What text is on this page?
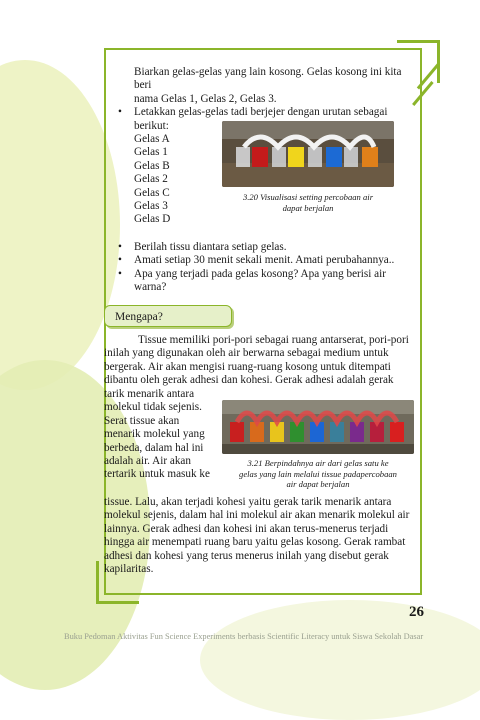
Biarkan gelas-gelas yang lain kosong. Gelas kosong ini kita beri

nama Gelas 1, Gelas 2, Gelas 3.

• Letakkan gelas-gelas tadi berjejer dengan urutan sebagai
berikut:
Gelas A
Gelas 1
Gelas B
Gelas 2
Gelas C
Gelas 3
Gelas D
• Berilah tissu diantara setiap gelas.
• Amati setiap 30 menit sekali menit. Amati perubahannya..
• Apa yang terjadi pada gelas kosong? Apa yang berisi air

warna?

3.20 Visualisasi setting percobaan air
dapat berjalan
Mengapa?
Tissue memiliki pori-pori sebagai ruang antarserat, pori-pori
inilah yang digunakan oleh air berwarna sebagai medium untuk
bergerak. Air akan mengisi ruang-ruang kosong untuk ditempati
dibantu oleh gerak adhesi dan kohesi. Gerak adhesi adalah gerak
tarik menarik antara
molekul tidak sejenis.
Serat tissue akan
menarik molekul yang
berbeda, dalam hal ini
adalah air. Air akan
tertarik untuk masuk ke
3.21 Berpindahnya air dari gelas satu ke
gelas yang lain melalui tissue padapercobaan
air dapat berjalan
tissue. Lalu, akan terjadi kohesi yaitu gerak tarik menarik antara
molekul sejenis, dalam hal ini molekul air akan menarik molekul air
lainnya. Gerak adhesi dan kohesi ini akan terus-menerus terjadi
hingga air menempati ruang baru yaitu gelas kosong. Gerak rambat
adhesi dan kohesi yang terus menerus inilah yang disebut gerak
kapilaritas.
26
Buku Pedoman Aktivitas Fun Science Experiments berbasis Scientific Literacy untuk Siswa Sekolah Dasar
